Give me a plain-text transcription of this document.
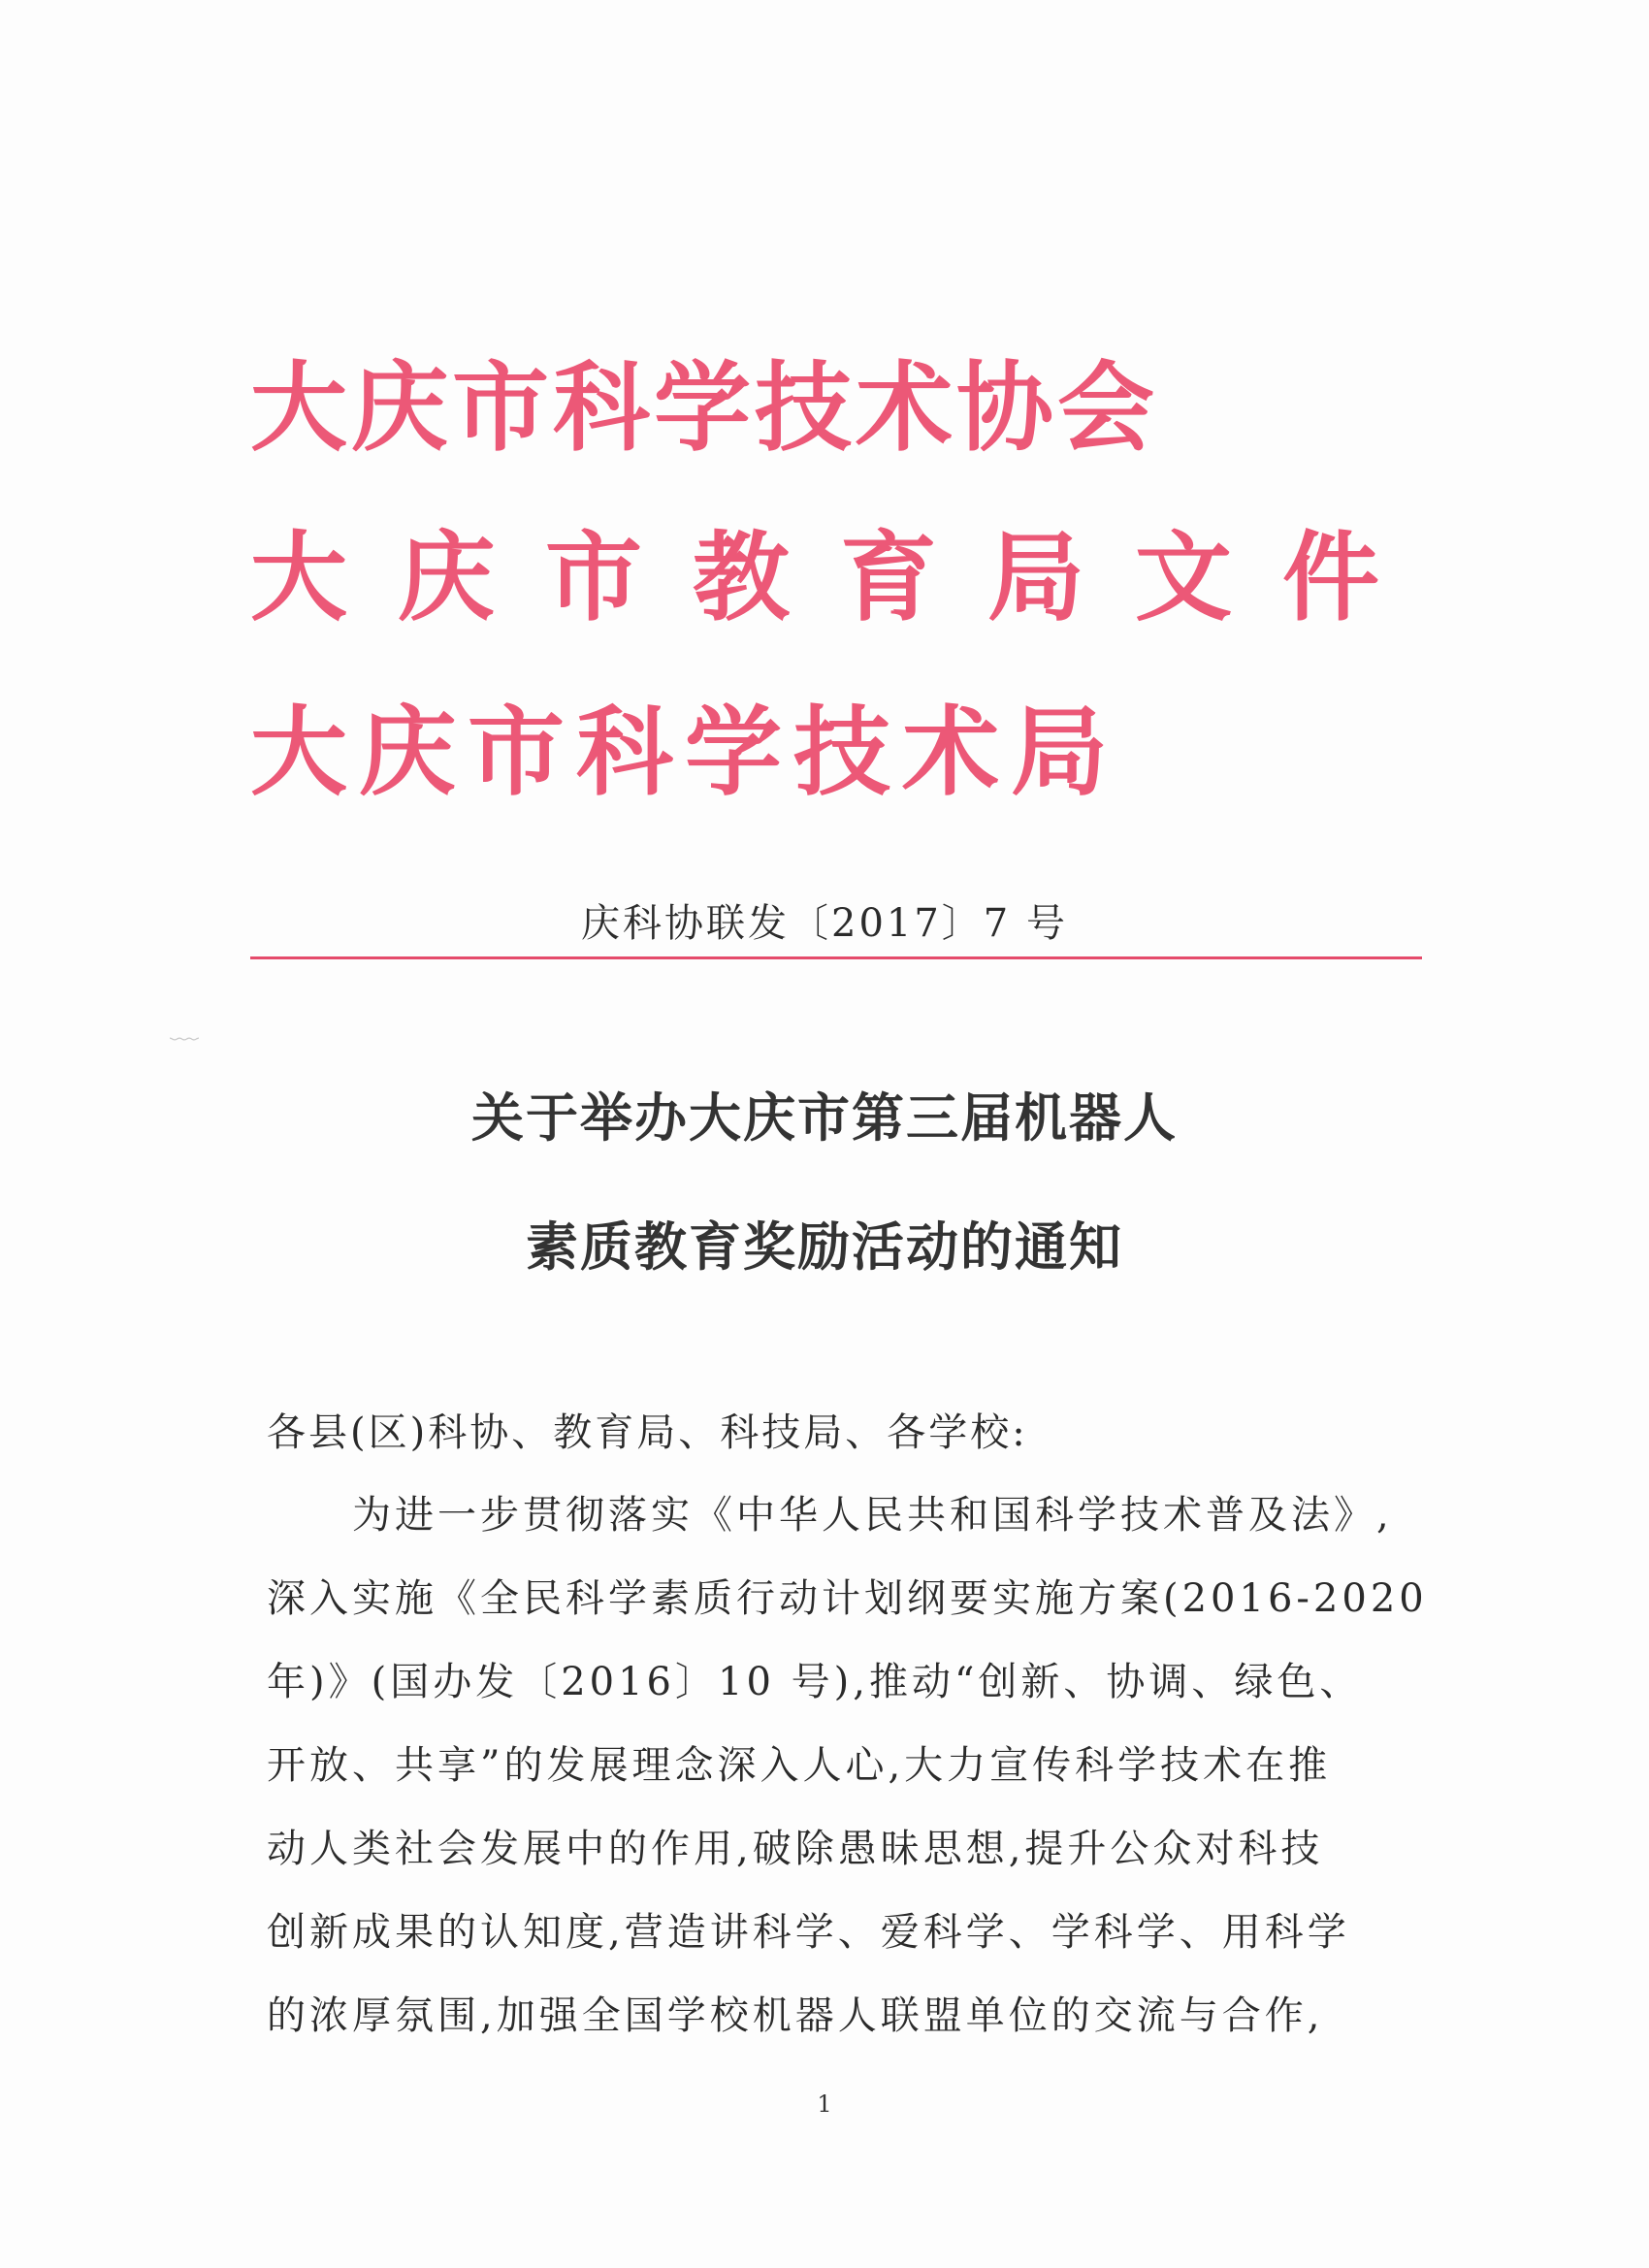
大庆市科学技术协会
大庆市教育局文件
大庆市科学技术局
庆科协联发〔2017〕7 号
关于举办大庆市第三届机器人
素质教育奖励活动的通知
各县(区)科协、教育局、科技局、各学校:
　　为进一步贯彻落实《中华人民共和国科学技术普及法》,
深入实施《全民科学素质行动计划纲要实施方案(2016-2020
年)》(国办发〔2016〕10 号),推动“创新、协调、绿色、
开放、共享”的发展理念深入人心,大力宣传科学技术在推
动人类社会发展中的作用,破除愚昧思想,提升公众对科技
创新成果的认知度,营造讲科学、爱科学、学科学、用科学
的浓厚氛围,加强全国学校机器人联盟单位的交流与合作,
1
﹋
